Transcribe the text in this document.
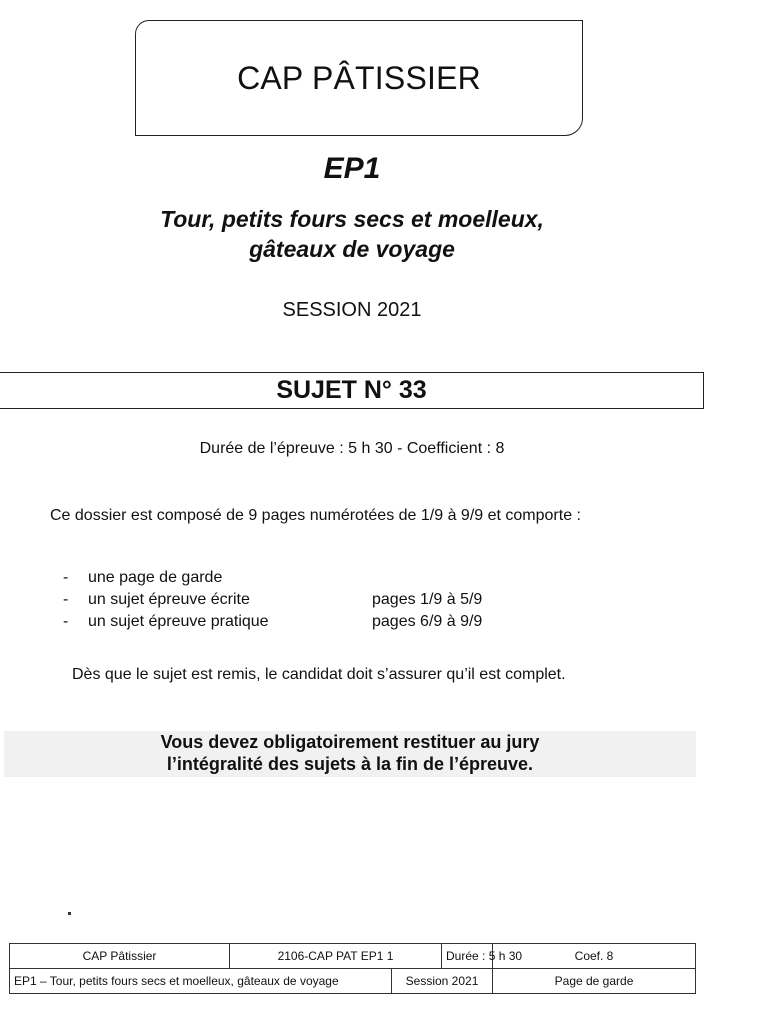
CAP PÂTISSIER
EP1
Tour, petits fours secs et moelleux,
gâteaux de voyage
SESSION 2021
SUJET N° 33
Durée de l’épreuve : 5 h 30 - Coefficient : 8
Ce dossier est composé de 9 pages numérotées de 1/9 à 9/9 et comporte :
- une page de garde
- un sujet épreuve écrite	pages 1/9 à 5/9
- un sujet épreuve pratique	pages 6/9 à 9/9
Dès que le sujet est remis, le candidat doit s’assurer qu’il est complet.
Vous devez obligatoirement restituer au jury
l’intégralité des sujets à la fin de l’épreuve.
CAP Pâtissier	2106-CAP PAT EP1 1		Durée : 5 h 30	Coef. 8
EP1 – Tour, petits fours secs et moelleux, gâteaux de voyage		Session 2021		Page de garde
